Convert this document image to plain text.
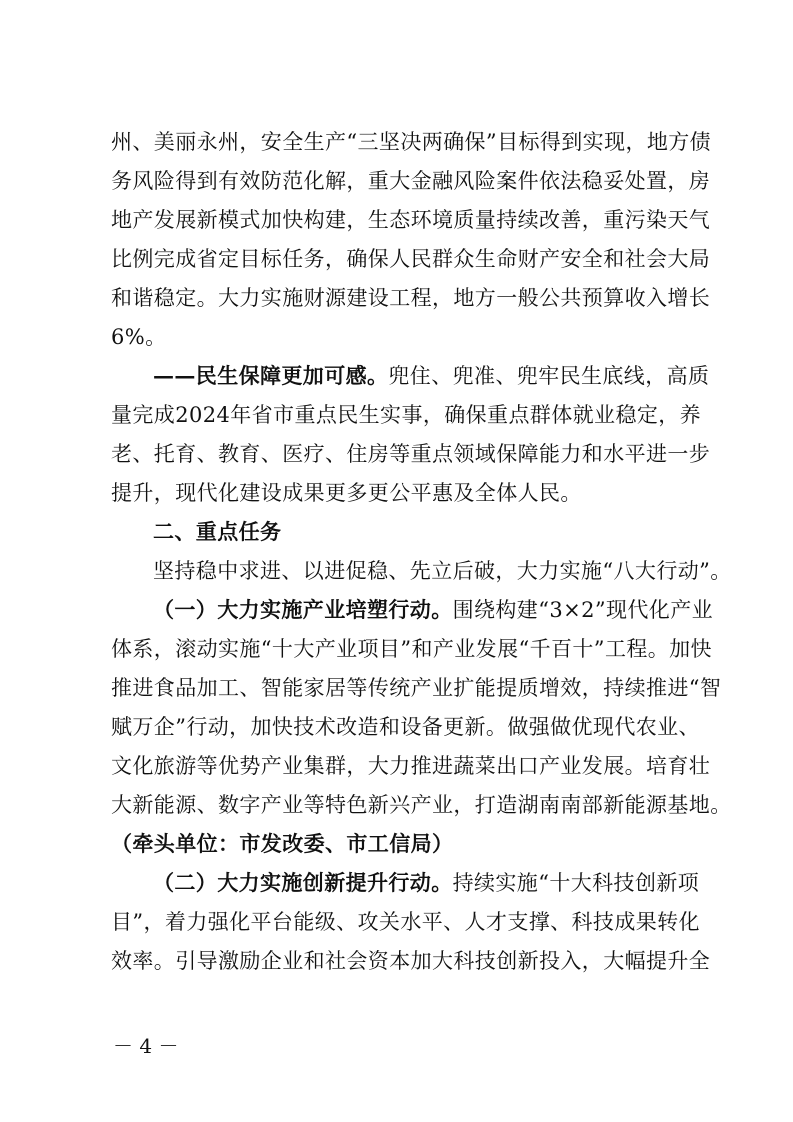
州、美丽永州，安全生产“三坚决两确保”目标得到实现，地方债
务风险得到有效防范化解，重大金融风险案件依法稳妥处置，房
地产发展新模式加快构建，生态环境质量持续改善，重污染天气
比例完成省定目标任务，确保人民群众生命财产安全和社会大局
和谐稳定。大力实施财源建设工程，地方一般公共预算收入增长
6%。
——民生保障更加可感。兜住、兜准、兜牢民生底线，高质
量完成2024年省市重点民生实事，确保重点群体就业稳定，养
老、托育、教育、医疗、住房等重点领域保障能力和水平进一步
提升，现代化建设成果更多更公平惠及全体人民。
二、重点任务
坚持稳中求进、以进促稳、先立后破，大力实施“八大行动”。
（一）大力实施产业培塑行动。围绕构建“3×2”现代化产业
体系，滚动实施“十大产业项目”和产业发展“千百十”工程。加快
推进食品加工、智能家居等传统产业扩能提质增效，持续推进“智
赋万企”行动，加快技术改造和设备更新。做强做优现代农业、
文化旅游等优势产业集群，大力推进蔬菜出口产业发展。培育壮
大新能源、数字产业等特色新兴产业，打造湖南南部新能源基地。
（牵头单位：市发改委、市工信局）
（二）大力实施创新提升行动。持续实施“十大科技创新项
目”，着力强化平台能级、攻关水平、人才支撑、科技成果转化
效率。引导激励企业和社会资本加大科技创新投入，大幅提升全
－ 4 －
